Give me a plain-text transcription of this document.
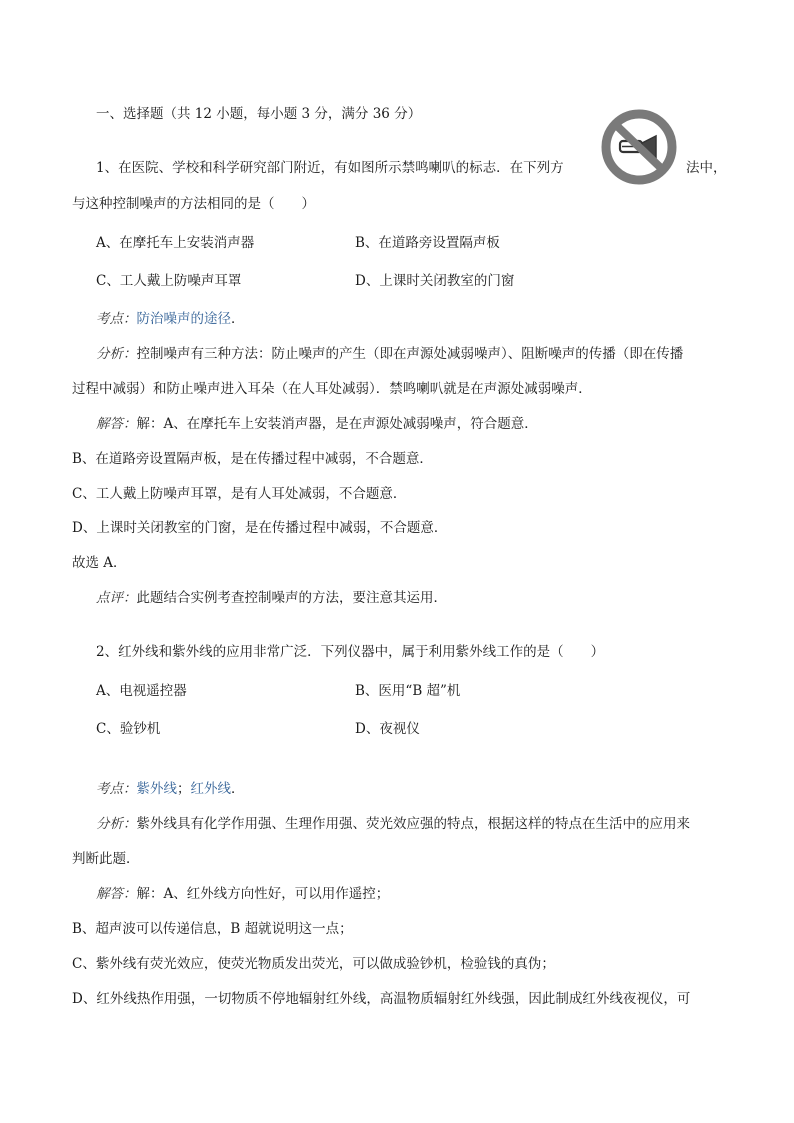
一、选择题（共 12 小题，每小题 3 分，满分 36 分）
1、在医院、学校和科学研究部门附近，有如图所示禁鸣喇叭的标志．在下列方	法中，
与这种控制噪声的方法相同的是（　　）
A、在摩托车上安装消声器	B、在道路旁设置隔声板
C、工人戴上防噪声耳罩	D、上课时关闭教室的门窗
考点：防治噪声的途径．
分析：控制噪声有三种方法：防止噪声的产生（即在声源处减弱噪声）、阻断噪声的传播（即在传播
过程中减弱）和防止噪声进入耳朵（在人耳处减弱）．禁鸣喇叭就是在声源处减弱噪声．
解答：解：A、在摩托车上安装消声器，是在声源处减弱噪声，符合题意．
B、在道路旁设置隔声板，是在传播过程中减弱，不合题意．
C、工人戴上防噪声耳罩，是有人耳处减弱，不合题意．
D、上课时关闭教室的门窗，是在传播过程中减弱，不合题意．
故选 A．
点评：此题结合实例考查控制噪声的方法，要注意其运用．
2、红外线和紫外线的应用非常广泛．下列仪器中，属于利用紫外线工作的是（　　）
A、电视遥控器	B、医用“B 超”机
C、验钞机	D、夜视仪
考点：紫外线；红外线．
分析：紫外线具有化学作用强、生理作用强、荧光效应强的特点，根据这样的特点在生活中的应用来
判断此题．
解答：解：A、红外线方向性好，可以用作遥控；
B、超声波可以传递信息，B 超就说明这一点；
C、紫外线有荧光效应，使荧光物质发出荧光，可以做成验钞机，检验钱的真伪；
D、红外线热作用强，一切物质不停地辐射红外线，高温物质辐射红外线强，因此制成红外线夜视仪，可
